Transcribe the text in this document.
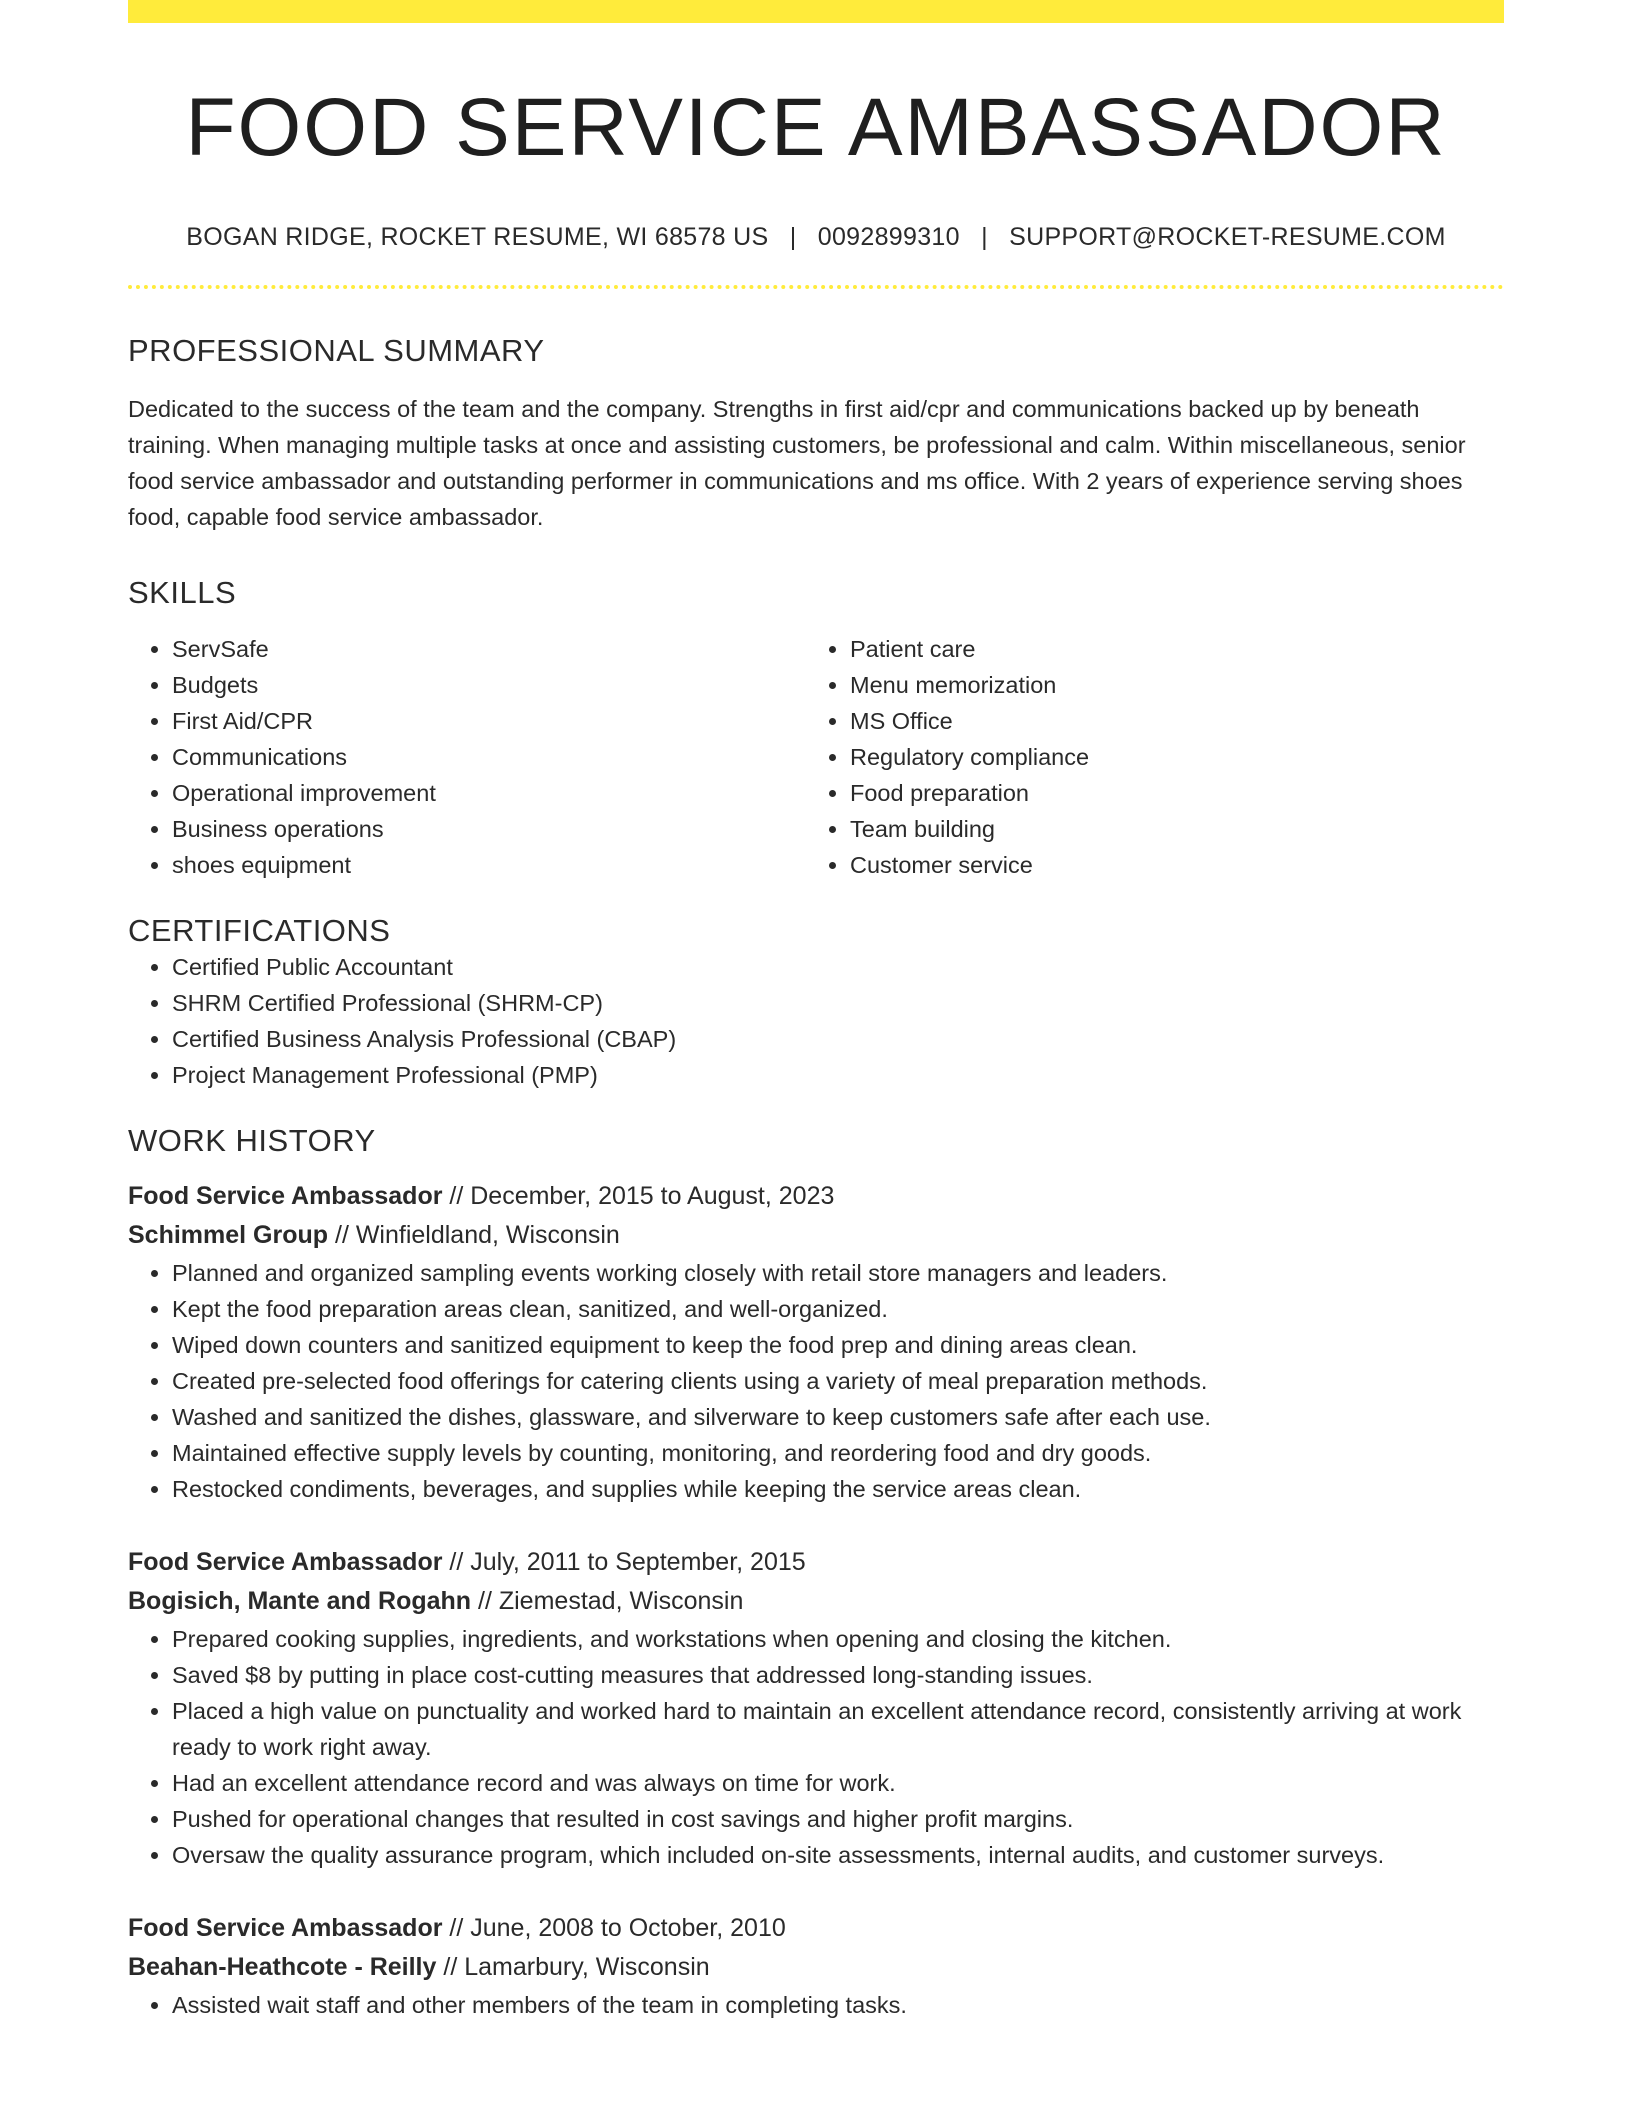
FOOD SERVICE AMBASSADOR
BOGAN RIDGE, ROCKET RESUME, WI 68578 US | 0092899310 | SUPPORT@ROCKET-RESUME.COM
PROFESSIONAL SUMMARY

Dedicated to the success of the team and the company. Strengths in first aid/cpr and communications backed up by beneath training. When managing multiple tasks at once and assisting customers, be professional and calm. Within miscellaneous, senior food service ambassador and outstanding performer in communications and ms office. With 2 years of experience serving shoes food, capable food service ambassador.

SKILLS
• ServSafe
• Budgets
• First Aid/CPR
• Communications
• Operational improvement
• Business operations
• shoes equipment
• Patient care
• Menu memorization
• MS Office
• Regulatory compliance
• Food preparation
• Team building
• Customer service
CERTIFICATIONS
• Certified Public Accountant
• SHRM Certified Professional (SHRM-CP)
• Certified Business Analysis Professional (CBAP)
• Project Management Professional (PMP)
WORK HISTORY
Food Service Ambassador // December, 2015 to August, 2023
Schimmel Group // Winfieldland, Wisconsin
• Planned and organized sampling events working closely with retail store managers and leaders.
• Kept the food preparation areas clean, sanitized, and well-organized.
• Wiped down counters and sanitized equipment to keep the food prep and dining areas clean.
• Created pre-selected food offerings for catering clients using a variety of meal preparation methods.
• Washed and sanitized the dishes, glassware, and silverware to keep customers safe after each use.
• Maintained effective supply levels by counting, monitoring, and reordering food and dry goods.
• Restocked condiments, beverages, and supplies while keeping the service areas clean.
Food Service Ambassador // July, 2011 to September, 2015
Bogisich, Mante and Rogahn // Ziemestad, Wisconsin
• Prepared cooking supplies, ingredients, and workstations when opening and closing the kitchen.
• Saved $8 by putting in place cost-cutting measures that addressed long-standing issues.
• Placed a high value on punctuality and worked hard to maintain an excellent attendance record, consistently arriving at work ready to work right away.
• Had an excellent attendance record and was always on time for work.
• Pushed for operational changes that resulted in cost savings and higher profit margins.
• Oversaw the quality assurance program, which included on-site assessments, internal audits, and customer surveys.
Food Service Ambassador // June, 2008 to October, 2010
Beahan-Heathcote - Reilly // Lamarbury, Wisconsin
• Assisted wait staff and other members of the team in completing tasks.
